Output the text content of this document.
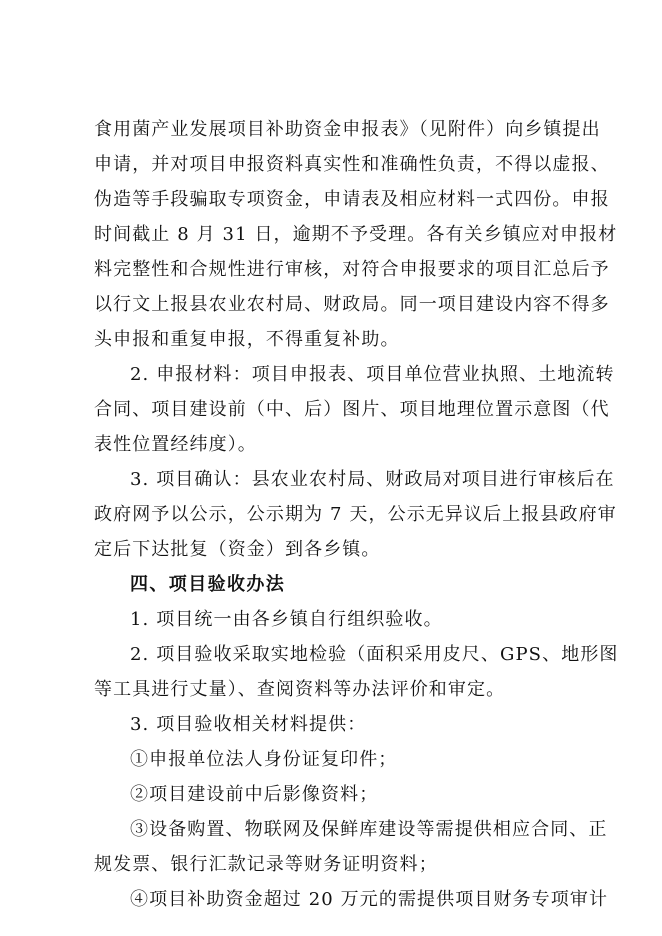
食用菌产业发展项目补助资金申报表》（见附件）向乡镇提出
申请，并对项目申报资料真实性和准确性负责，不得以虚报、
伪造等手段骗取专项资金，申请表及相应材料一式四份。申报
时间截止 8 月 31 日，逾期不予受理。各有关乡镇应对申报材
料完整性和合规性进行审核，对符合申报要求的项目汇总后予
以行文上报县农业农村局、财政局。同一项目建设内容不得多
头申报和重复申报，不得重复补助。
2. 申报材料：项目申报表、项目单位营业执照、土地流转
合同、项目建设前（中、后）图片、项目地理位置示意图（代
表性位置经纬度）。
3. 项目确认：县农业农村局、财政局对项目进行审核后在
政府网予以公示，公示期为 7 天，公示无异议后上报县政府审
定后下达批复（资金）到各乡镇。
四、项目验收办法
1. 项目统一由各乡镇自行组织验收。
2. 项目验收采取实地检验（面积采用皮尺、GPS、地形图
等工具进行丈量）、查阅资料等办法评价和审定。
3. 项目验收相关材料提供：
①申报单位法人身份证复印件；
②项目建设前中后影像资料；
③设备购置、物联网及保鲜库建设等需提供相应合同、正
规发票、银行汇款记录等财务证明资料；
④项目补助资金超过 20 万元的需提供项目财务专项审计
